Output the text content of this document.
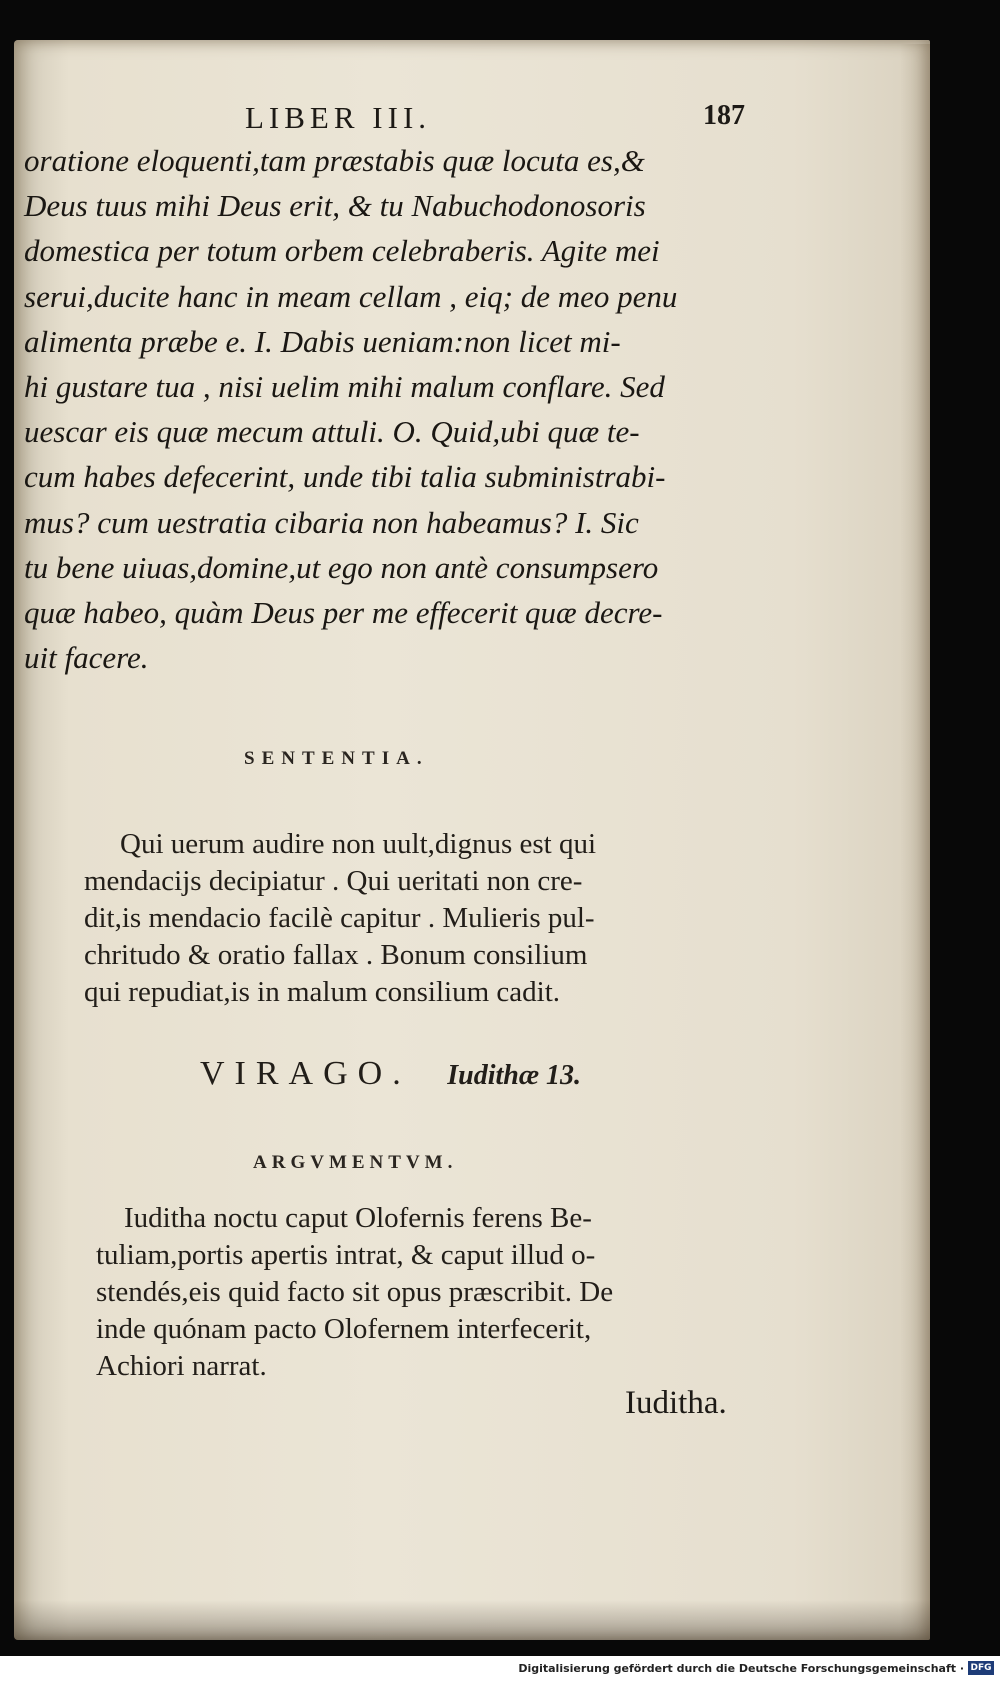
LIBER III.	187
oratione eloquenti,tam præstabis quæ locuta es,&
Deus tuus mihi Deus erit, & tu Nabuchodonosoris
domestica per totum orbem celebraberis. Agite mei
serui,ducite hanc in meam cellam , eiq; de meo penu
alimenta præbe e. I. Dabis ueniam:non licet mi-
hi gustare tua , nisi uelim mihi malum conflare. Sed
uescar eis quæ mecum attuli. O. Quid,ubi quæ te-
cum habes defecerint, unde tibi talia subministrabi-
mus? cum uestratia cibaria non habeamus? I. Sic
tu bene uiuas,domine,ut ego non antè consumpsero
quæ habeo, quàm Deus per me effecerit quæ decre-
uit facere.
SENTENTIA.
Qui uerum audire non uult,dignus est qui
mendacijs decipiatur . Qui ueritati non cre-
dit,is mendacio facilè capitur . Mulieris pul-
chritudo & oratio fallax . Bonum consilium
qui repudiat,is in malum consilium cadit.
VIRAGO. Iudithæ 13.
ARGVMENTVM.
Iuditha noctu caput Olofernis ferens Be-
tuliam,portis apertis intrat, & caput illud o-
stendés,eis quid facto sit opus præscribit. De
inde quónam pacto Olofernem interfecerit,
Achiori narrat.
Iuditha.
Digitalisierung gefördert durch die Deutsche Forschungsgemeinschaft · DFG
